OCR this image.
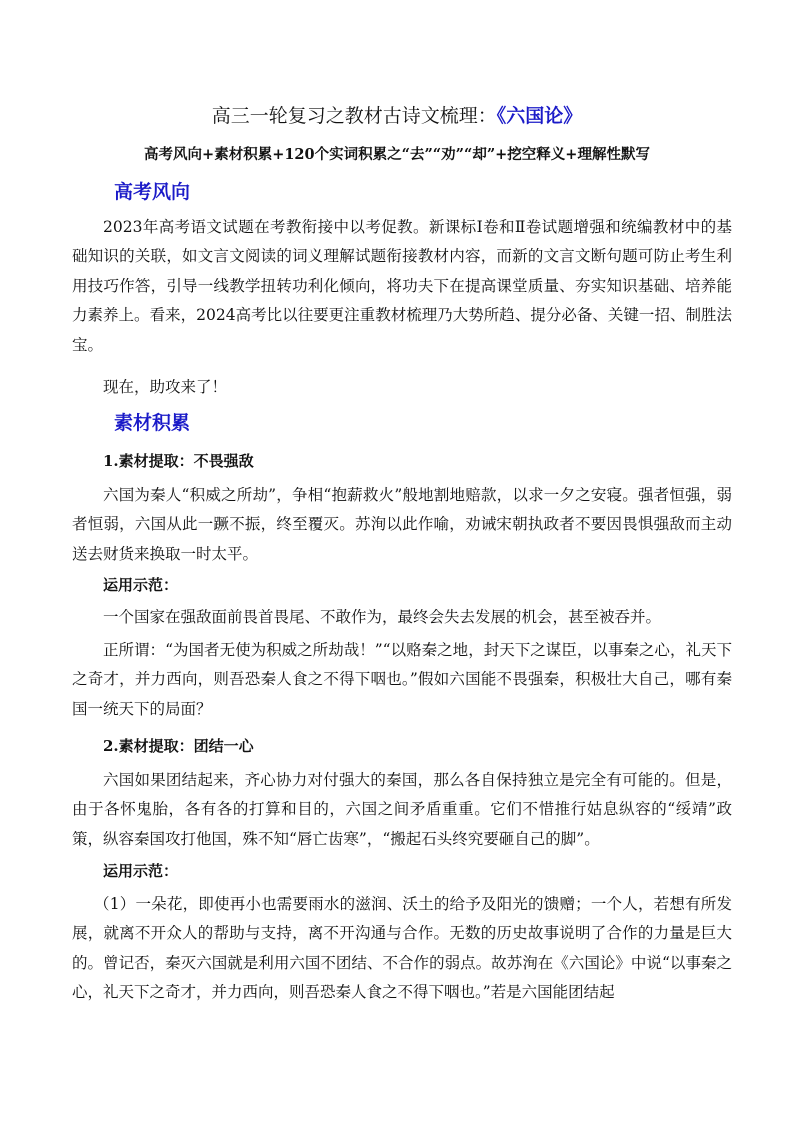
高三一轮复习之教材古诗文梳理：《六国论》
高考风向+素材积累+120个实词积累之“去”“劝”“却”+挖空释义+理解性默写
高考风向

2023年高考语文试题在考教衔接中以考促教。新课标Ⅰ卷和Ⅱ卷试题增强和统编教材中的基础知识的关联，如文言文阅读的词义理解试题衔接教材内容，而新的文言文断句题可防止考生利用技巧作答，引导一线教学扭转功利化倾向，将功夫下在提高课堂质量、夯实知识基础、培养能力素养上。看来，2024高考比以往要更注重教材梳理乃大势所趋、提分必备、关键一招、制胜法宝。

现在，助攻来了！

素材积累
1.素材提取：不畏强敌

六国为秦人“积威之所劫”，争相“抱薪救火”般地割地赔款，以求一夕之安寝。强者恒强，弱者恒弱，六国从此一蹶不振，终至覆灭。苏洵以此作喻，劝诫宋朝执政者不要因畏惧强敌而主动送去财货来换取一时太平。

运用示范：

一个国家在强敌面前畏首畏尾、不敢作为，最终会失去发展的机会，甚至被吞并。

正所谓：“为国者无使为积威之所劫哉！”“以赂秦之地，封天下之谋臣，以事秦之心，礼天下之奇才，并力西向，则吾恐秦人食之不得下咽也。”假如六国能不畏强秦，积极壮大自己，哪有秦国一统天下的局面？

2.素材提取：团结一心

六国如果团结起来，齐心协力对付强大的秦国，那么各自保持独立是完全有可能的。但是，由于各怀鬼胎，各有各的打算和目的，六国之间矛盾重重。它们不惜推行姑息纵容的“绥靖”政策，纵容秦国攻打他国，殊不知“唇亡齿寒”，“搬起石头终究要砸自己的脚”。

运用示范：

（1）一朵花，即使再小也需要雨水的滋润、沃土的给予及阳光的馈赠；一个人，若想有所发展，就离不开众人的帮助与支持，离不开沟通与合作。无数的历史故事说明了合作的力量是巨大的。曾记否，秦灭六国就是利用六国不团结、不合作的弱点。故苏洵在《六国论》中说“以事秦之心，礼天下之奇才，并力西向，则吾恐秦人食之不得下咽也。”若是六国能团结起
